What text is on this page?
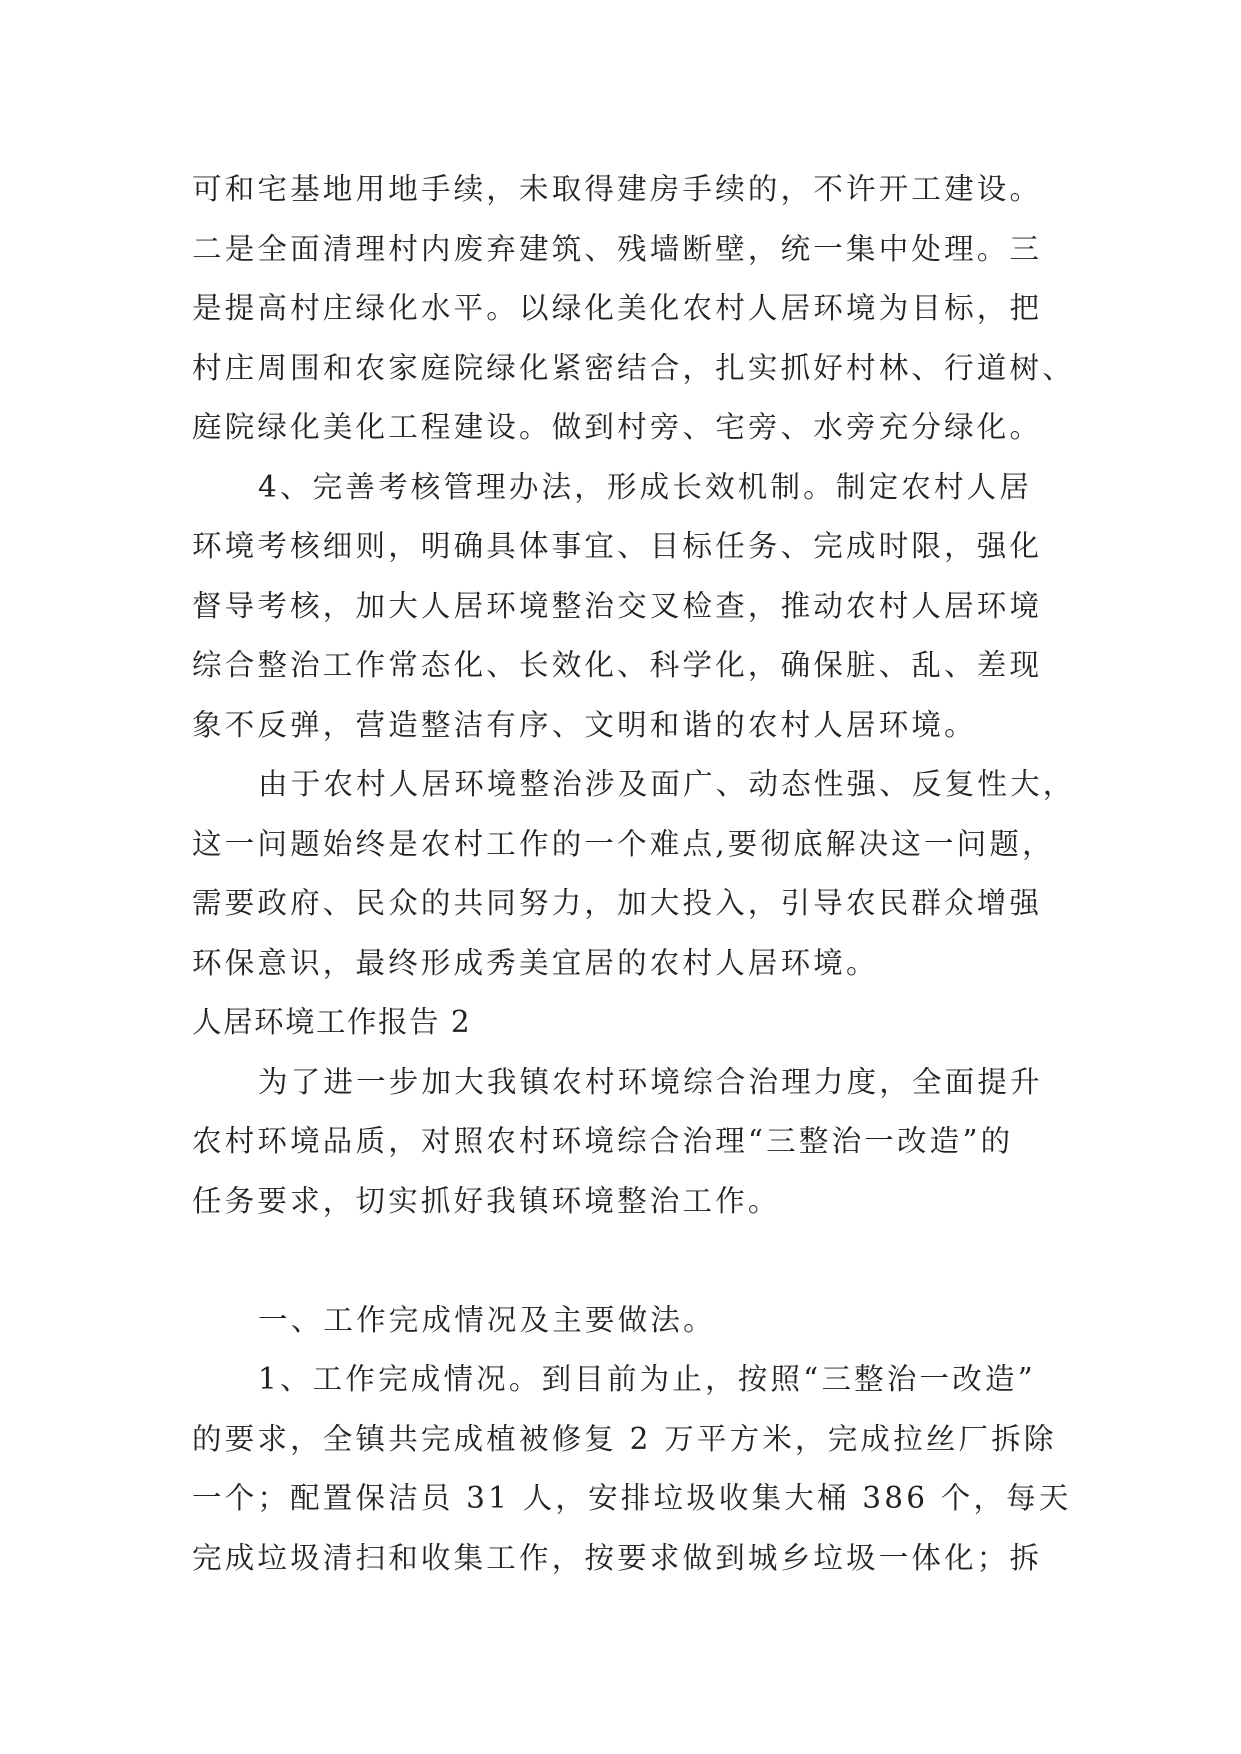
可和宅基地用地手续，未取得建房手续的，不许开工建设。
二是全面清理村内废弃建筑、残墙断壁，统一集中处理。三
是提高村庄绿化水平。以绿化美化农村人居环境为目标，把
村庄周围和农家庭院绿化紧密结合，扎实抓好村林、行道树、
庭院绿化美化工程建设。做到村旁、宅旁、水旁充分绿化。
4、完善考核管理办法，形成长效机制。制定农村人居
环境考核细则，明确具体事宜、目标任务、完成时限，强化
督导考核，加大人居环境整治交叉检查，推动农村人居环境
综合整治工作常态化、长效化、科学化，确保脏、乱、差现
象不反弹，营造整洁有序、文明和谐的农村人居环境。
由于农村人居环境整治涉及面广、动态性强、反复性大，
这一问题始终是农村工作的一个难点,要彻底解决这一问题，
需要政府、民众的共同努力，加大投入，引导农民群众增强
环保意识，最终形成秀美宜居的农村人居环境。
人居环境工作报告 2
为了进一步加大我镇农村环境综合治理力度，全面提升
农村环境品质，对照农村环境综合治理“三整治一改造”的
任务要求，切实抓好我镇环境整治工作。
一、工作完成情况及主要做法。
1、工作完成情况。到目前为止，按照“三整治一改造”
的要求，全镇共完成植被修复 2 万平方米，完成拉丝厂拆除
一个；配置保洁员 31 人，安排垃圾收集大桶 386 个，每天
完成垃圾清扫和收集工作，按要求做到城乡垃圾一体化；拆
